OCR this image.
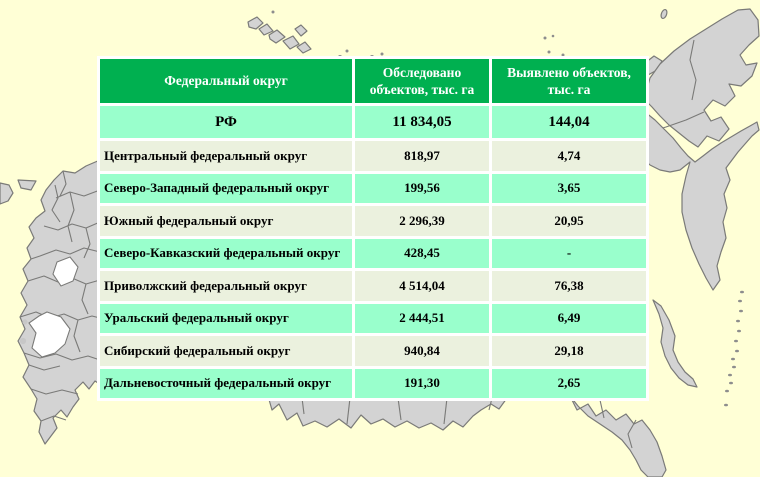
Федеральный округ	Обследовано объектов, тыс. га	Выявлено объектов, тыс. га
РФ	11 834,05	144,04
Центральный федеральный округ	818,97	4,74
Северо-Западный федеральный округ	199,56	3,65
Южный федеральный округ	2 296,39	20,95
Северо-Кавказский федеральный округ	428,45	-
Приволжский федеральный округ	4 514,04	76,38
Уральский федеральный округ	2 444,51	6,49
Сибирский федеральный округ	940,84	29,18
Дальневосточный федеральный округ	191,30	2,65
